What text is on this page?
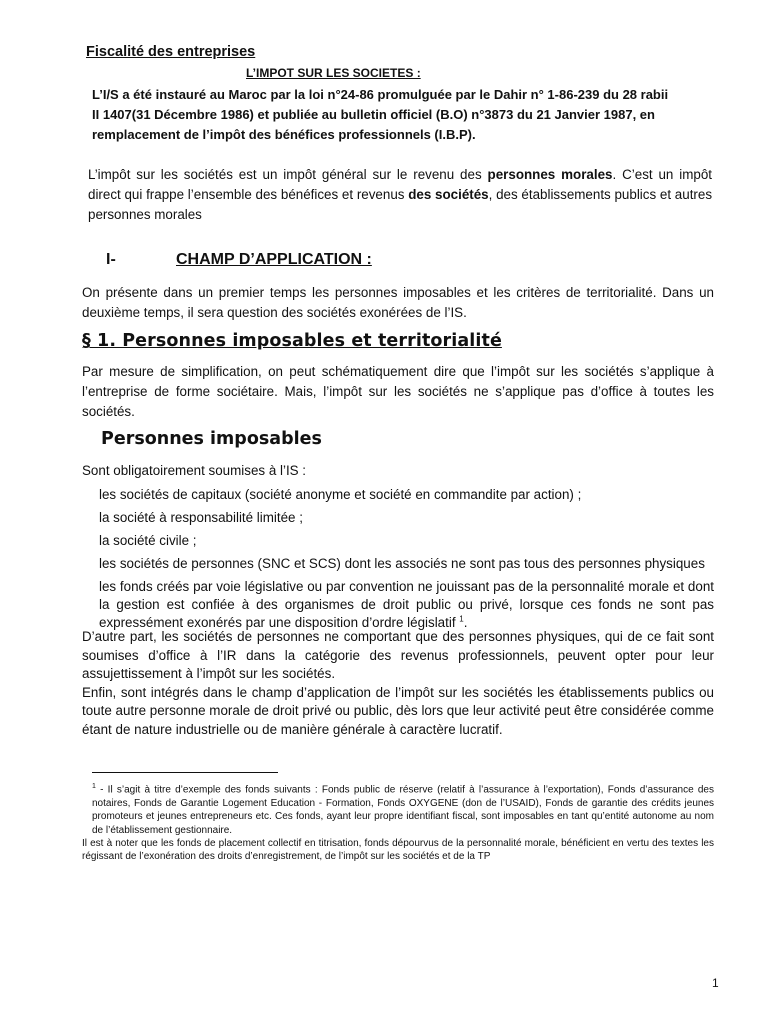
Fiscalité des entreprises
L’IMPOT SUR LES SOCIETES :
L’I/S a été instauré au Maroc par la loi n°24-86 promulguée par le Dahir n° 1-86-239 du 28 rabii
II 1407(31 Décembre 1986) et publiée au bulletin officiel (B.O) n°3873 du 21 Janvier 1987, en
remplacement de l’impôt des bénéfices professionnels (I.B.P).
L’impôt sur les sociétés est un impôt général sur le revenu des personnes morales. C’est un impôt direct qui frappe l’ensemble des bénéfices et revenus des sociétés, des établissements publics et autres personnes morales
I-	CHAMP D’APPLICATION :
On présente dans un premier temps les personnes imposables et les critères de territorialité. Dans un deuxième temps, il sera question des sociétés exonérées de l’IS.
§ 1. Personnes imposables et territorialité
Par mesure de simplification, on peut schématiquement dire que l’impôt sur les sociétés s’applique à l’entreprise de forme sociétaire. Mais, l’impôt sur les sociétés ne s’applique pas d’office à toutes les sociétés.
Personnes imposables
Sont obligatoirement soumises à l’IS :
les sociétés de capitaux (société anonyme et société en commandite par action) ;
la société à responsabilité limitée ;
la société civile ;
les sociétés de personnes (SNC et SCS) dont les associés ne sont pas tous des personnes physiques
les fonds créés par voie législative ou par convention ne jouissant pas de la personnalité morale et dont la gestion est confiée à des organismes de droit public ou privé, lorsque ces fonds ne sont pas expressément exonérés par une disposition d’ordre législatif $^1$.
D’autre part, les sociétés de personnes ne comportant que des personnes physiques, qui de ce fait sont soumises d’office à l’IR dans la catégorie des revenus professionnels, peuvent opter pour leur assujettissement à l’impôt sur les sociétés.
Enfin, sont intégrés dans le champ d’application de l’impôt sur les sociétés les établissements publics ou toute autre personne morale de droit privé ou public, dès lors que leur activité peut être considérée comme étant de nature industrielle ou de manière générale à caractère lucratif.
$^1$ - Il s’agit à titre d’exemple des fonds suivants : Fonds public de réserve (relatif à l’assurance à l’exportation), Fonds d’assurance des notaires, Fonds de Garantie Logement Education - Formation, Fonds OXYGENE (don de l’USAID), Fonds de garantie des crédits jeunes promoteurs et jeunes entrepreneurs etc. Ces fonds, ayant leur propre identifiant fiscal, sont imposables en tant qu’entité autonome au nom de l’établissement gestionnaire.
Il est à noter que les fonds de placement collectif en titrisation, fonds dépourvus de la personnalité morale, bénéficient en vertu des textes les régissant de l’exonération des droits d’enregistrement, de l’impôt sur les sociétés et de la TP
1
